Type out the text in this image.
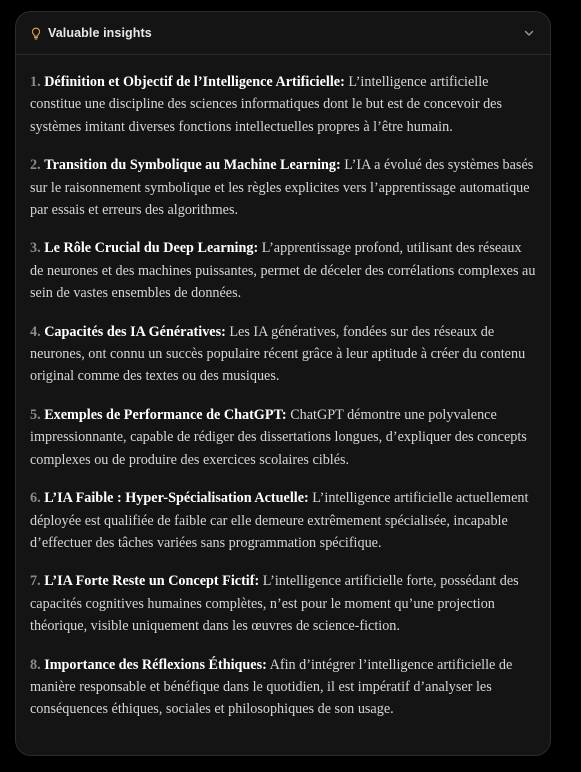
Valuable insights
1. Définition et Objectif de l’Intelligence Artificielle: L’intelligence artificielle constitue une discipline des sciences informatiques dont le but est de concevoir des systèmes imitant diverses fonctions intellectuelles propres à l’être humain.
2. Transition du Symbolique au Machine Learning: L’IA a évolué des systèmes basés sur le raisonnement symbolique et les règles explicites vers l’apprentissage automatique par essais et erreurs des algorithmes.
3. Le Rôle Crucial du Deep Learning: L’apprentissage profond, utilisant des réseaux de neurones et des machines puissantes, permet de déceler des corrélations complexes au sein de vastes ensembles de données.
4. Capacités des IA Génératives: Les IA génératives, fondées sur des réseaux de neurones, ont connu un succès populaire récent grâce à leur aptitude à créer du contenu original comme des textes ou des musiques.
5. Exemples de Performance de ChatGPT: ChatGPT démontre une polyvalence impressionnante, capable de rédiger des dissertations longues, d’expliquer des concepts complexes ou de produire des exercices scolaires ciblés.
6. L’IA Faible : Hyper-Spécialisation Actuelle: L’intelligence artificielle actuellement déployée est qualifiée de faible car elle demeure extrêmement spécialisée, incapable d’effectuer des tâches variées sans programmation spécifique.
7. L’IA Forte Reste un Concept Fictif: L’intelligence artificielle forte, possédant des capacités cognitives humaines complètes, n’est pour le moment qu’une projection théorique, visible uniquement dans les œuvres de science-fiction.
8. Importance des Réflexions Éthiques: Afin d’intégrer l’intelligence artificielle de manière responsable et bénéfique dans le quotidien, il est impératif d’analyser les conséquences éthiques, sociales et philosophiques de son usage.
